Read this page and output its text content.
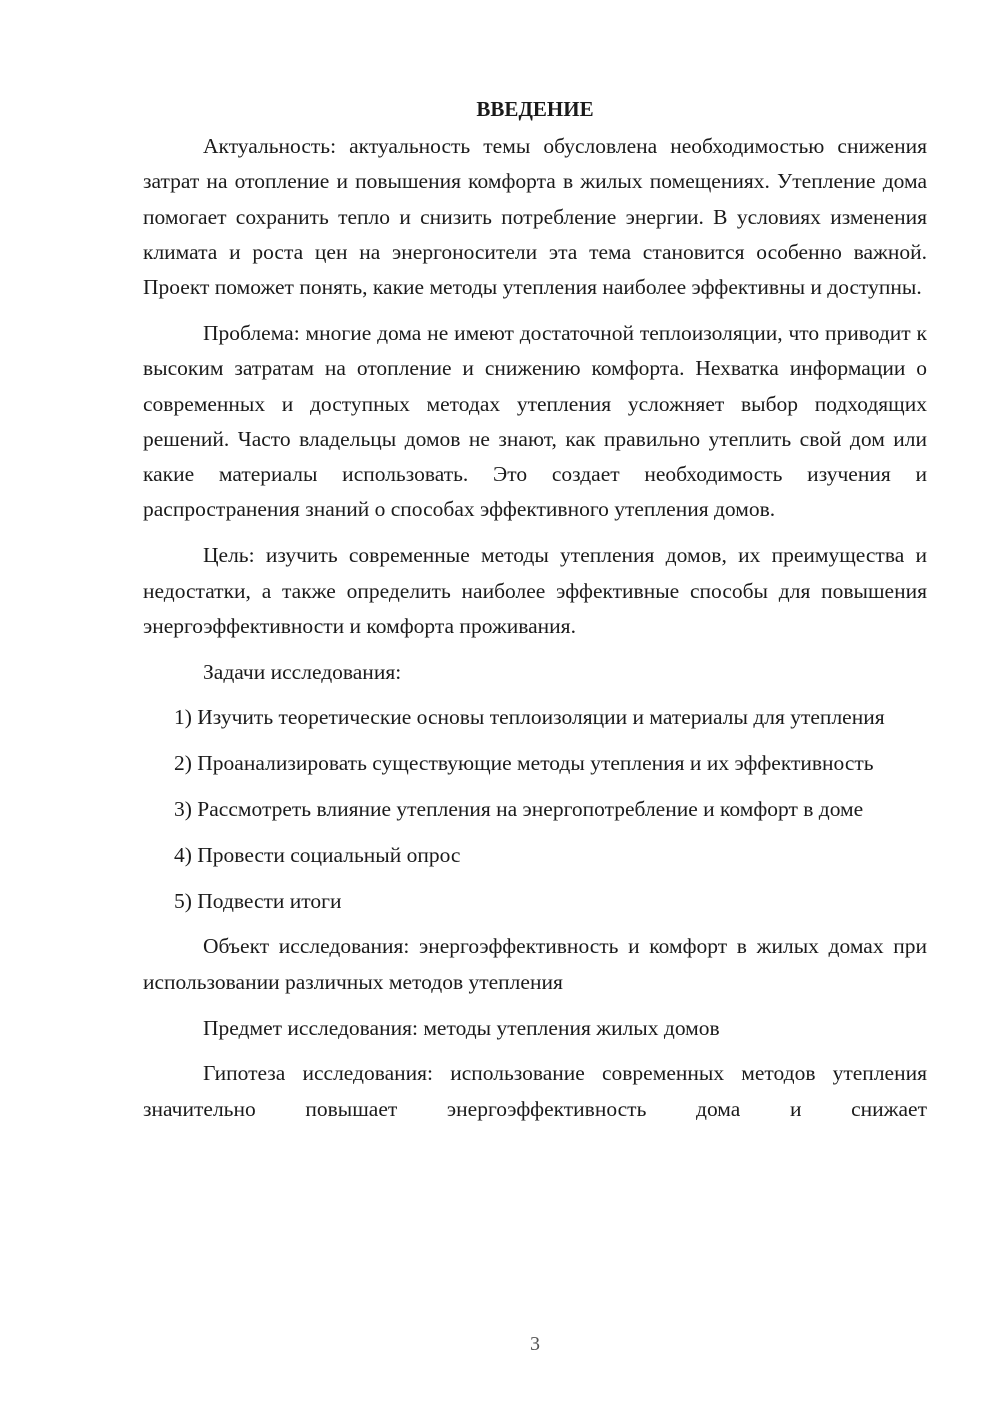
ВВЕДЕНИЕ

Актуальность: актуальность темы обусловлена необходимостью снижения затрат на отопление и повышения комфорта в жилых помещениях. Утепление дома помогает сохранить тепло и снизить потребление энергии. В условиях изменения климата и роста цен на энергоносители эта тема становится особенно важной. Проект поможет понять, какие методы утепления наиболее эффективны и доступны.

Проблема: многие дома не имеют достаточной теплоизоляции, что приводит к высоким затратам на отопление и снижению комфорта. Нехватка информации о современных и доступных методах утепления усложняет выбор подходящих решений. Часто владельцы домов не знают, как правильно утеплить свой дом или какие материалы использовать. Это создает необходимость изучения и распространения знаний о способах эффективного утепления домов.

Цель: изучить современные методы утепления домов, их преимущества и недостатки, а также определить наиболее эффективные способы для повышения энергоэффективности и комфорта проживания.

Задачи исследования:

1) Изучить теоретические основы теплоизоляции и материалы для утепления

2) Проанализировать существующие методы утепления и их эффективность

3) Рассмотреть влияние утепления на энергопотребление и комфорт в доме

4) Провести социальный опрос

5) Подвести итоги

Объект исследования: энергоэффективность и комфорт в жилых домах при использовании различных методов утепления

Предмет исследования: методы утепления жилых домов

Гипотеза исследования: использование современных методов утепления значительно повышает энергоэффективность дома и снижает

3
